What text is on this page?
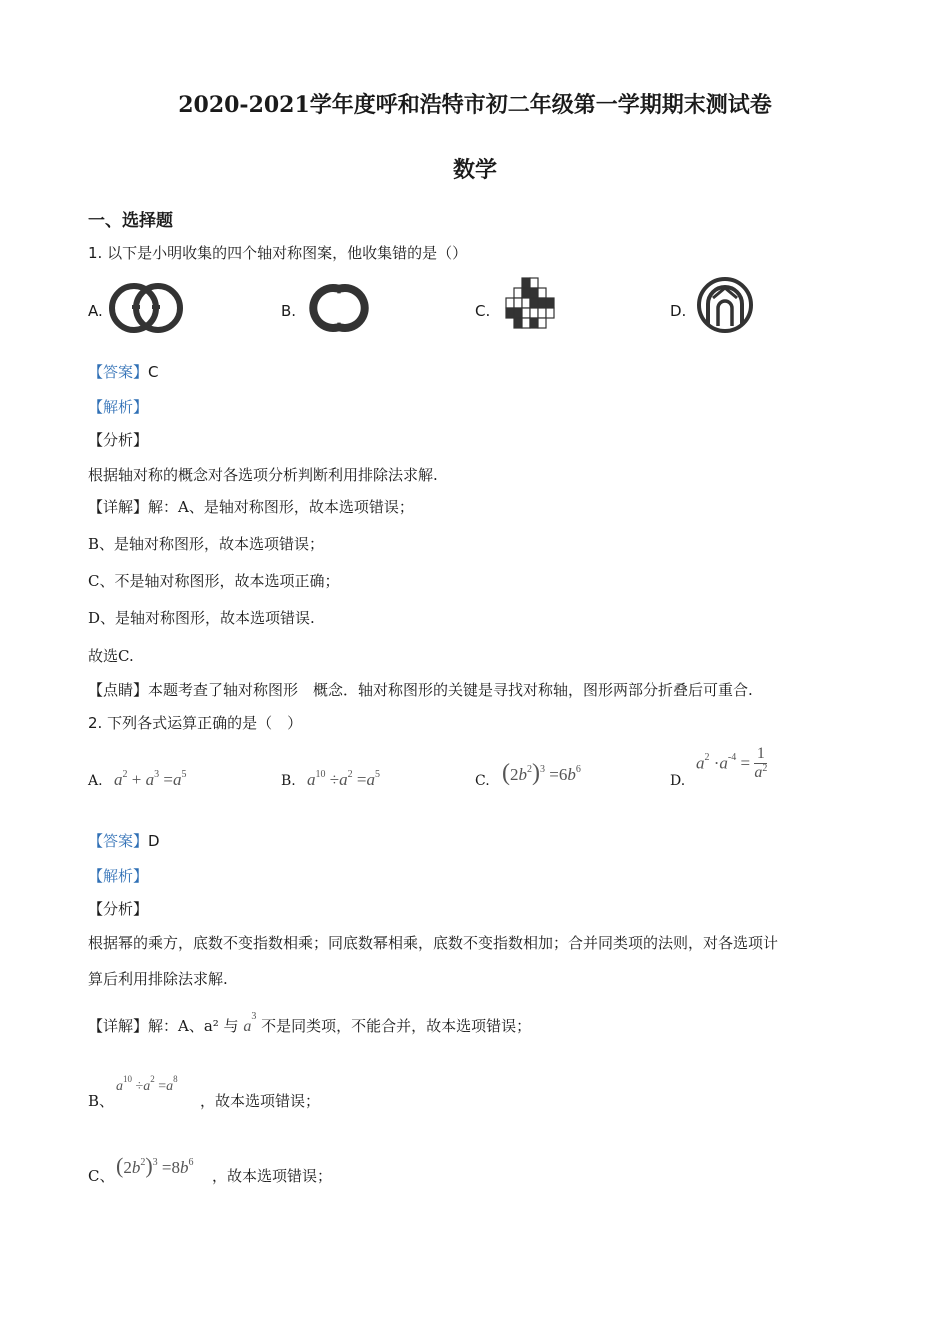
2020-2021学年度呼和浩特市初二年级第一学期期末测试卷
数学
一、选择题
1. 以下是小明收集的四个轴对称图案，他收集错的是（）
A.	B.	C.	D.
【答案】C
【解析】
【分析】
根据轴对称的概念对各选项分析判断利用排除法求解.
【详解】解：A、是轴对称图形，故本选项错误；
B、是轴对称图形，故本选项错误；
C、不是轴对称图形，故本选项正确；
D、是轴对称图形，故本选项错误.
故选C.
【点睛】本题考查了轴对称图形　概念．轴对称图形的关键是寻找对称轴，图形两部分折叠后可重合.
2. 下列各式运算正确的是（　）
A. $a^2 + a^3 =a^5$	B. $a^{10} \div a^2 =a^5$	C. $(2b^2)^3 =6b^6$
D.
$a^2 \cdot a^{-4} = \frac{1}{a^2}$
【答案】D
【解析】
【分析】
根据幂的乘方，底数不变指数相乘；同底数幂相乘，底数不变指数相加；合并同类项的法则，对各选项计
算后利用排除法求解.
【详解】解：A、a² 与 $a^3$ 不是同类项，不能合并，故本选项错误；
B、
$a^{10} \div a^2 =a^8$
，故本选项错误；
C、 $(2b^2)^3 =8b^6$
，故本选项错误；
